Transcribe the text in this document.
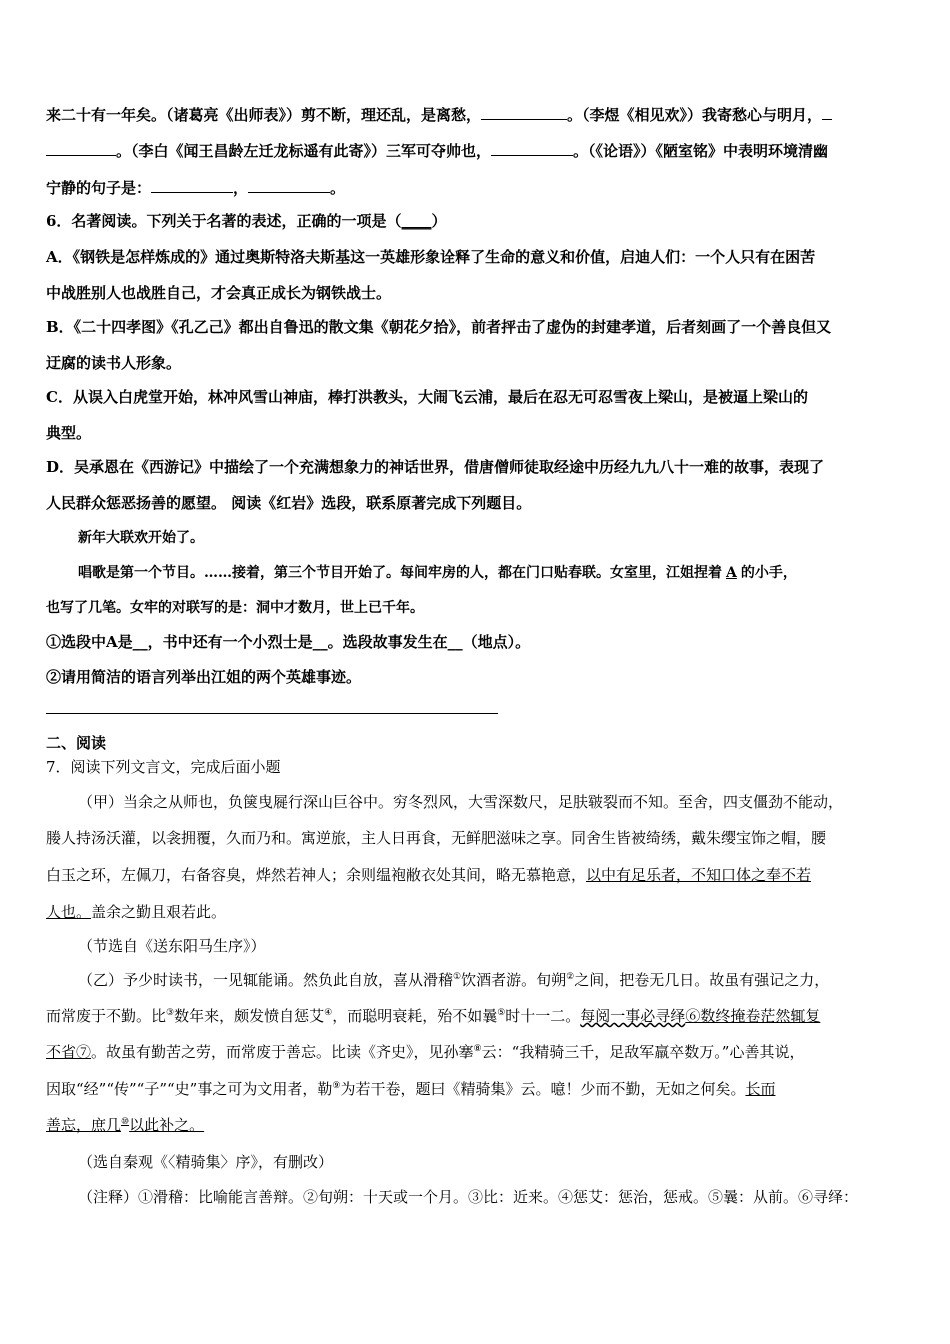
来二十有一年矣。（诸葛亮《出师表》）剪不断，理还乱，是离愁，	。（李煜《相见欢》）我寄愁心与明月，
。（李白《闻王昌龄左迁龙标遥有此寄》）三军可夺帅也，	。（《论语》）《陋室铭》中表明环境清幽
宁静的句子是：	，	。
6．名著阅读。下列关于名著的表述，正确的一项是（____）
A．《钢铁是怎样炼成的》通过奥斯特洛夫斯基这一英雄形象诠释了生命的意义和价值，启迪人们：一个人只有在困苦
中战胜别人也战胜自己，才会真正成长为钢铁战士。
B．《二十四孝图》《孔乙己》都出自鲁迅的散文集《朝花夕拾》，前者抨击了虚伪的封建孝道，后者刻画了一个善良但又
迂腐的读书人形象。
C．从误入白虎堂开始，林冲风雪山神庙，棒打洪教头，大闹飞云浦，最后在忍无可忍雪夜上梁山，是被逼上梁山的
典型。
D．吴承恩在《西游记》中描绘了一个充满想象力的神话世界，借唐僧师徒取经途中历经九九八十一难的故事，表现了
人民群众惩恶扬善的愿望。 阅读《红岩》选段，联系原著完成下列题目。
新年大联欢开始了。
唱歌是第一个节目。……接着，第三个节目开始了。每间牢房的人，都在门口贴春联。女室里，江姐捏着 A 的小手，
也写了几笔。女牢的对联写的是：洞中才数月，世上已千年。
①选段中A是__，书中还有一个小烈士是__。选段故事发生在__（地点）。
②请用简洁的语言列举出江姐的两个英雄事迹。
二、阅读
7．阅读下列文言文，完成后面小题
（甲）当余之从师也，负箧曳屣行深山巨谷中。穷冬烈风，大雪深数尺，足肤皲裂而不知。至舍，四支僵劲不能动，
媵人持汤沃灌，以衾拥覆，久而乃和。寓逆旅，主人日再食，无鲜肥滋味之享。同舍生皆被绮绣，戴朱缨宝饰之帽，腰
白玉之环，左佩刀，右备容臭，烨然若神人；余则缊袍敝衣处其间，略无慕艳意，以中有足乐者，不知口体之奉不若
人也。盖余之勤且艰若此。
（节选自《送东阳马生序》）
（乙）予少时读书，一见辄能诵。然负此自放，喜从滑稽①饮酒者游。旬朔②之间，把卷无几日。故虽有强记之力，
而常废于不勤。比③数年来，颇发愤自惩艾④，而聪明衰耗，殆不如曩⑤时十一二。每阅一事必寻绎⑥数终掩卷茫然辄复
不省⑦。故虽有勤苦之劳，而常废于善忘。比读《齐史》，见孙搴⑧云：“我精骑三千，足敌军羸卒数万。”心善其说，
因取“经”“传”“子”“史”事之可为文用者，勒⑨为若干卷，题曰《精骑集》云。噫！少而不勤，无如之何矣。长而
善忘，庶几⑩以此补之。
（选自秦观《〈精骑集〉序》，有删改）
（注释）①滑稽：比喻能言善辩。②旬朔：十天或一个月。③比：近来。④惩艾：惩治，惩戒。⑤曩：从前。⑥寻绎：
